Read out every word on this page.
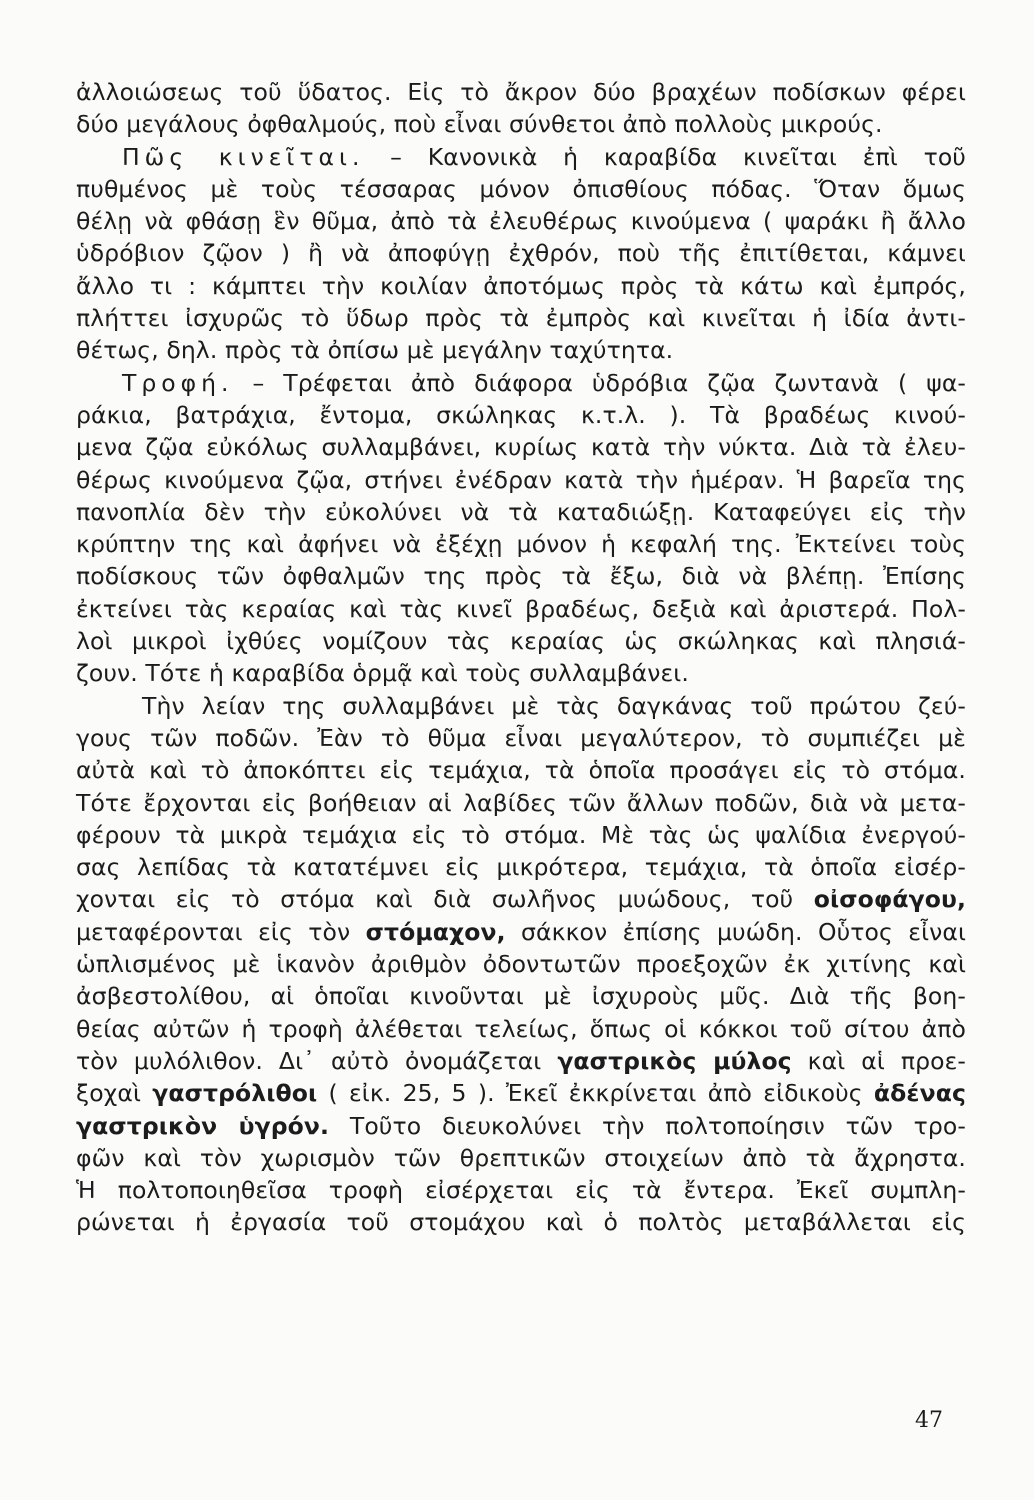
ἀλλοιώσεως τοῦ ὕδατος. Εἰς τὸ ἄκρον δύο βραχέων ποδίσκων φέρει
δύο μεγάλους ὀφθαλμούς, ποὺ εἶναι σύνθετοι ἀπὸ πολλοὺς μικρούς.
Πῶς κινεῖται. – Κανονικὰ ἡ καραβίδα κινεῖται ἐπὶ τοῦ
πυθμένος μὲ τοὺς τέσσαρας μόνον ὀπισθίους πόδας. Ὅταν ὅμως
θέλῃ νὰ φθάσῃ ἓν θῦμα, ἀπὸ τὰ ἐλευθέρως κινούμενα ( ψαράκι ἢ ἄλλο
ὑδρόβιον ζῷον ) ἢ νὰ ἀποφύγῃ ἐχθρόν, ποὺ τῆς ἐπιτίθεται, κάμνει
ἄλλο τι : κάμπτει τὴν κοιλίαν ἀποτόμως πρὸς τὰ κάτω καὶ ἐμπρός,
πλήττει ἰσχυρῶς τὸ ὕδωρ πρὸς τὰ ἐμπρὸς καὶ κινεῖται ἡ ἰδία ἀντι-
θέτως, δηλ. πρὸς τὰ ὀπίσω μὲ μεγάλην ταχύτητα.
Τροφή. – Τρέφεται ἀπὸ διάφορα ὑδρόβια ζῷα ζωντανὰ ( ψα-
ράκια, βατράχια, ἔντομα, σκώληκας κ.τ.λ. ). Τὰ βραδέως κινού-
μενα ζῷα εὐκόλως συλλαμβάνει, κυρίως κατὰ τὴν νύκτα. Διὰ τὰ ἐλευ-
θέρως κινούμενα ζῷα, στήνει ἐνέδραν κατὰ τὴν ἡμέραν. Ἡ βαρεῖα της
πανοπλία δὲν τὴν εὐκολύνει νὰ τὰ καταδιώξῃ. Καταφεύγει εἰς τὴν
κρύπτην της καὶ ἀφήνει νὰ ἐξέχῃ μόνον ἡ κεφαλή της. Ἐκτείνει τοὺς
ποδίσκους τῶν ὀφθαλμῶν της πρὸς τὰ ἔξω, διὰ νὰ βλέπῃ. Ἐπίσης
ἐκτείνει τὰς κεραίας καὶ τὰς κινεῖ βραδέως, δεξιὰ καὶ ἀριστερά. Πολ-
λοὶ μικροὶ ἰχθύες νομίζουν τὰς κεραίας ὡς σκώληκας καὶ πλησιά-
ζουν. Τότε ἡ καραβίδα ὁρμᾷ καὶ τοὺς συλλαμβάνει.
Τὴν λείαν της συλλαμβάνει μὲ τὰς δαγκάνας τοῦ πρώτου ζεύ-
γους τῶν ποδῶν. Ἐὰν τὸ θῦμα εἶναι μεγαλύτερον, τὸ συμπιέζει μὲ
αὐτὰ καὶ τὸ ἀποκόπτει εἰς τεμάχια, τὰ ὁποῖα προσάγει εἰς τὸ στόμα.
Τότε ἔρχονται εἰς βοήθειαν αἱ λαβίδες τῶν ἄλλων ποδῶν, διὰ νὰ μετα-
φέρουν τὰ μικρὰ τεμάχια εἰς τὸ στόμα. Μὲ τὰς ὡς ψαλίδια ἐνεργού-
σας λεπίδας τὰ κατατέμνει εἰς μικρότερα, τεμάχια, τὰ ὁποῖα εἰσέρ-
χονται εἰς τὸ στόμα καὶ διὰ σωλῆνος μυώδους, τοῦ οἰσοφάγου,
μεταφέρονται εἰς τὸν στόμαχον, σάκκον ἐπίσης μυώδη. Οὗτος εἶναι
ὡπλισμένος μὲ ἱκανὸν ἀριθμὸν ὀδοντωτῶν προεξοχῶν ἐκ χιτίνης καὶ
ἀσβεστολίθου, αἱ ὁποῖαι κινοῦνται μὲ ἰσχυροὺς μῦς. Διὰ τῆς βοη-
θείας αὐτῶν ἡ τροφὴ ἀλέθεται τελείως, ὅπως οἱ κόκκοι τοῦ σίτου ἀπὸ
τὸν μυλόλιθον. Δι᾿ αὐτὸ ὀνομάζεται γαστρικὸς μύλος καὶ αἱ προε-
ξοχαὶ γαστρόλιθοι ( εἰκ. 25, 5 ). Ἐκεῖ ἐκκρίνεται ἀπὸ εἰδικοὺς ἀδένας
γαστρικὸν ὑγρόν. Τοῦτο διευκολύνει τὴν πολτοποίησιν τῶν τρο-
φῶν καὶ τὸν χωρισμὸν τῶν θρεπτικῶν στοιχείων ἀπὸ τὰ ἄχρηστα.
Ἡ πολτοποιηθεῖσα τροφὴ εἰσέρχεται εἰς τὰ ἔντερα. Ἐκεῖ συμπλη-
ρώνεται ἡ ἐργασία τοῦ στομάχου καὶ ὁ πολτὸς μεταβάλλεται εἰς
47
